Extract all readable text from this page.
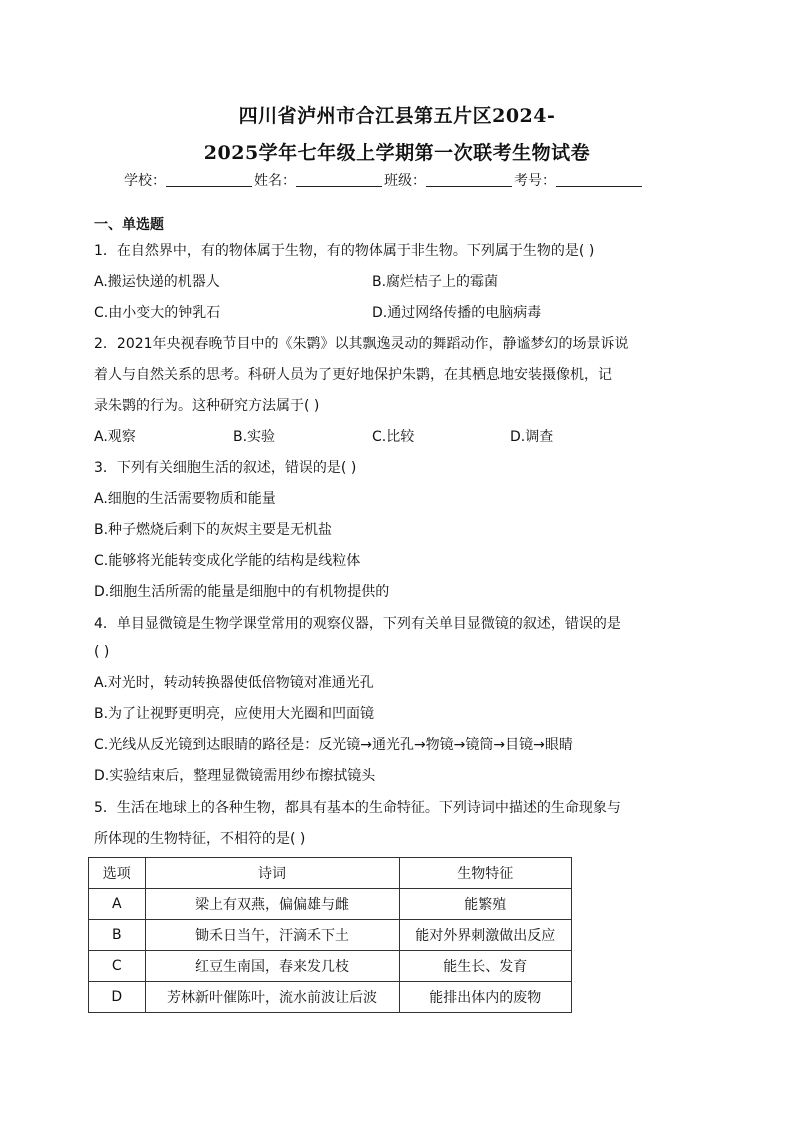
四川省泸州市合江县第五片区2024-
2025学年七年级上学期第一次联考生物试卷
学校：	姓名：	班级：	考号：
一、单选题
1．在自然界中，有的物体属于生物，有的物体属于非生物。下列属于生物的是( )
A.搬运快递的机器人	B.腐烂桔子上的霉菌
C.由小变大的钟乳石	D.通过网络传播的电脑病毒
2．2021年央视春晚节目中的《朱鹮》以其飘逸灵动的舞蹈动作，静谧梦幻的场景诉说
着人与自然关系的思考。科研人员为了更好地保护朱鹮，在其栖息地安装摄像机，记
录朱鹮的行为。这种研究方法属于( )
A.观察	B.实验	C.比较	D.调查
3．下列有关细胞生活的叙述，错误的是( )
A.细胞的生活需要物质和能量
B.种子燃烧后剩下的灰烬主要是无机盐
C.能够将光能转变成化学能的结构是线粒体
D.细胞生活所需的能量是细胞中的有机物提供的
4．单目显微镜是生物学课堂常用的观察仪器，下列有关单目显微镜的叙述，错误的是
( )
A.对光时，转动转换器使低倍物镜对准通光孔
B.为了让视野更明亮，应使用大光圈和凹面镜
C.光线从反光镜到达眼睛的路径是：反光镜→通光孔→物镜→镜筒→目镜→眼睛
D.实验结束后，整理显微镜需用纱布擦拭镜头
5．生活在地球上的各种生物，都具有基本的生命特征。下列诗词中描述的生命现象与
所体现的生物特征，不相符的是( )
选项	诗词	生物特征
A	梁上有双燕，偏偏雄与雌	能繁殖
B	锄禾日当午，汗滴禾下土	能对外界刺激做出反应
C	红豆生南国，春来发几枝	能生长、发育
D	芳林新叶催陈叶，流水前波让后波	能排出体内的废物
